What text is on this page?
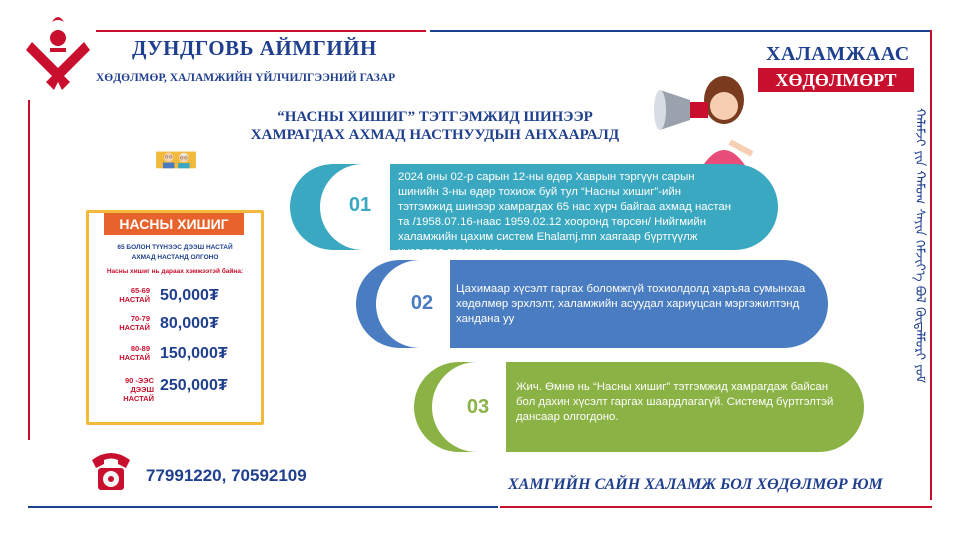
ДУНДГОВЬ АЙМГИЙН
ХӨДӨЛМӨР, ХАЛАМЖИЙН ҮЙЛЧИЛГЭЭНИЙ ГАЗАР
ХАЛАМЖААС
ХӨДӨЛМӨРТ
“НАСНЫ ХИШИГ” ТЭТГЭМЖИД ШИНЭЭР
ХАМРАГДАХ АХМАД НАСТНУУДЫН АНХААРАЛД
НАСНЫ ХИШИГ
65 БОЛОН ТҮҮНЭЭС ДЭЭШ НАСТАЙ
АХМАД НАСТАНД ОЛГОНО
Насны хишиг нь дараах хэмжээтэй байна:
65-69 НАСТАЙ 50,000₮
70-79 НАСТАЙ 80,000₮
80-89 НАСТАЙ 150,000₮
90 -ЭЭС ДЭЭШ НАСТАЙ
250,000₮
01
2024 оны 02-р сарын 12-ны өдөр Хаврын тэргүүн сарын шинийн 3-ны өдөр тохиож буй тул “Насны хишиг”-ийн тэтгэмжид шинээр хамрагдах 65 нас хүрч байгаа ахмад настан та /1958.07.16-наас 1959.02.12 хооронд төрсөн/ Нийгмийн халамжийн цахим систем Ehalamj.mn хаягаар бүртгүүлж хүсэлтээ гаргана уу.
02
Цахимаар хүсэлт гаргах боломжгүй тохиолдолд харъяа сумынхаа хөдөлмөр эрхлэлт, халамжийн асуудал хариуцсан мэргэжилтэнд хандана уу
03
Жич. Өмнө нь “Насны хишиг” тэтгэмжид хамрагдаж байсан бол дахин хүсэлт гаргах шаардлагагүй. Системд бүртгэлтэй дансаар олгогдоно.
77991220, 70592109	ХАМГИЙН САЙН ХАЛАМЖ БОЛ ХӨДӨЛМӨР ЮМ
ᠬᠠᠯᠠᠮᠵᠢ ᠶᠢᠨ ᠬᠠᠮᠤᠭ ᠰᠠᠶᠢᠨ ᠬᠡᠮᠵᠢᠶ᠎ᠡ ᠪᠣᠯ ᠬᠥᠳᠡᠯᠮᠦᠷᠢ ᠶᠤᠮ
